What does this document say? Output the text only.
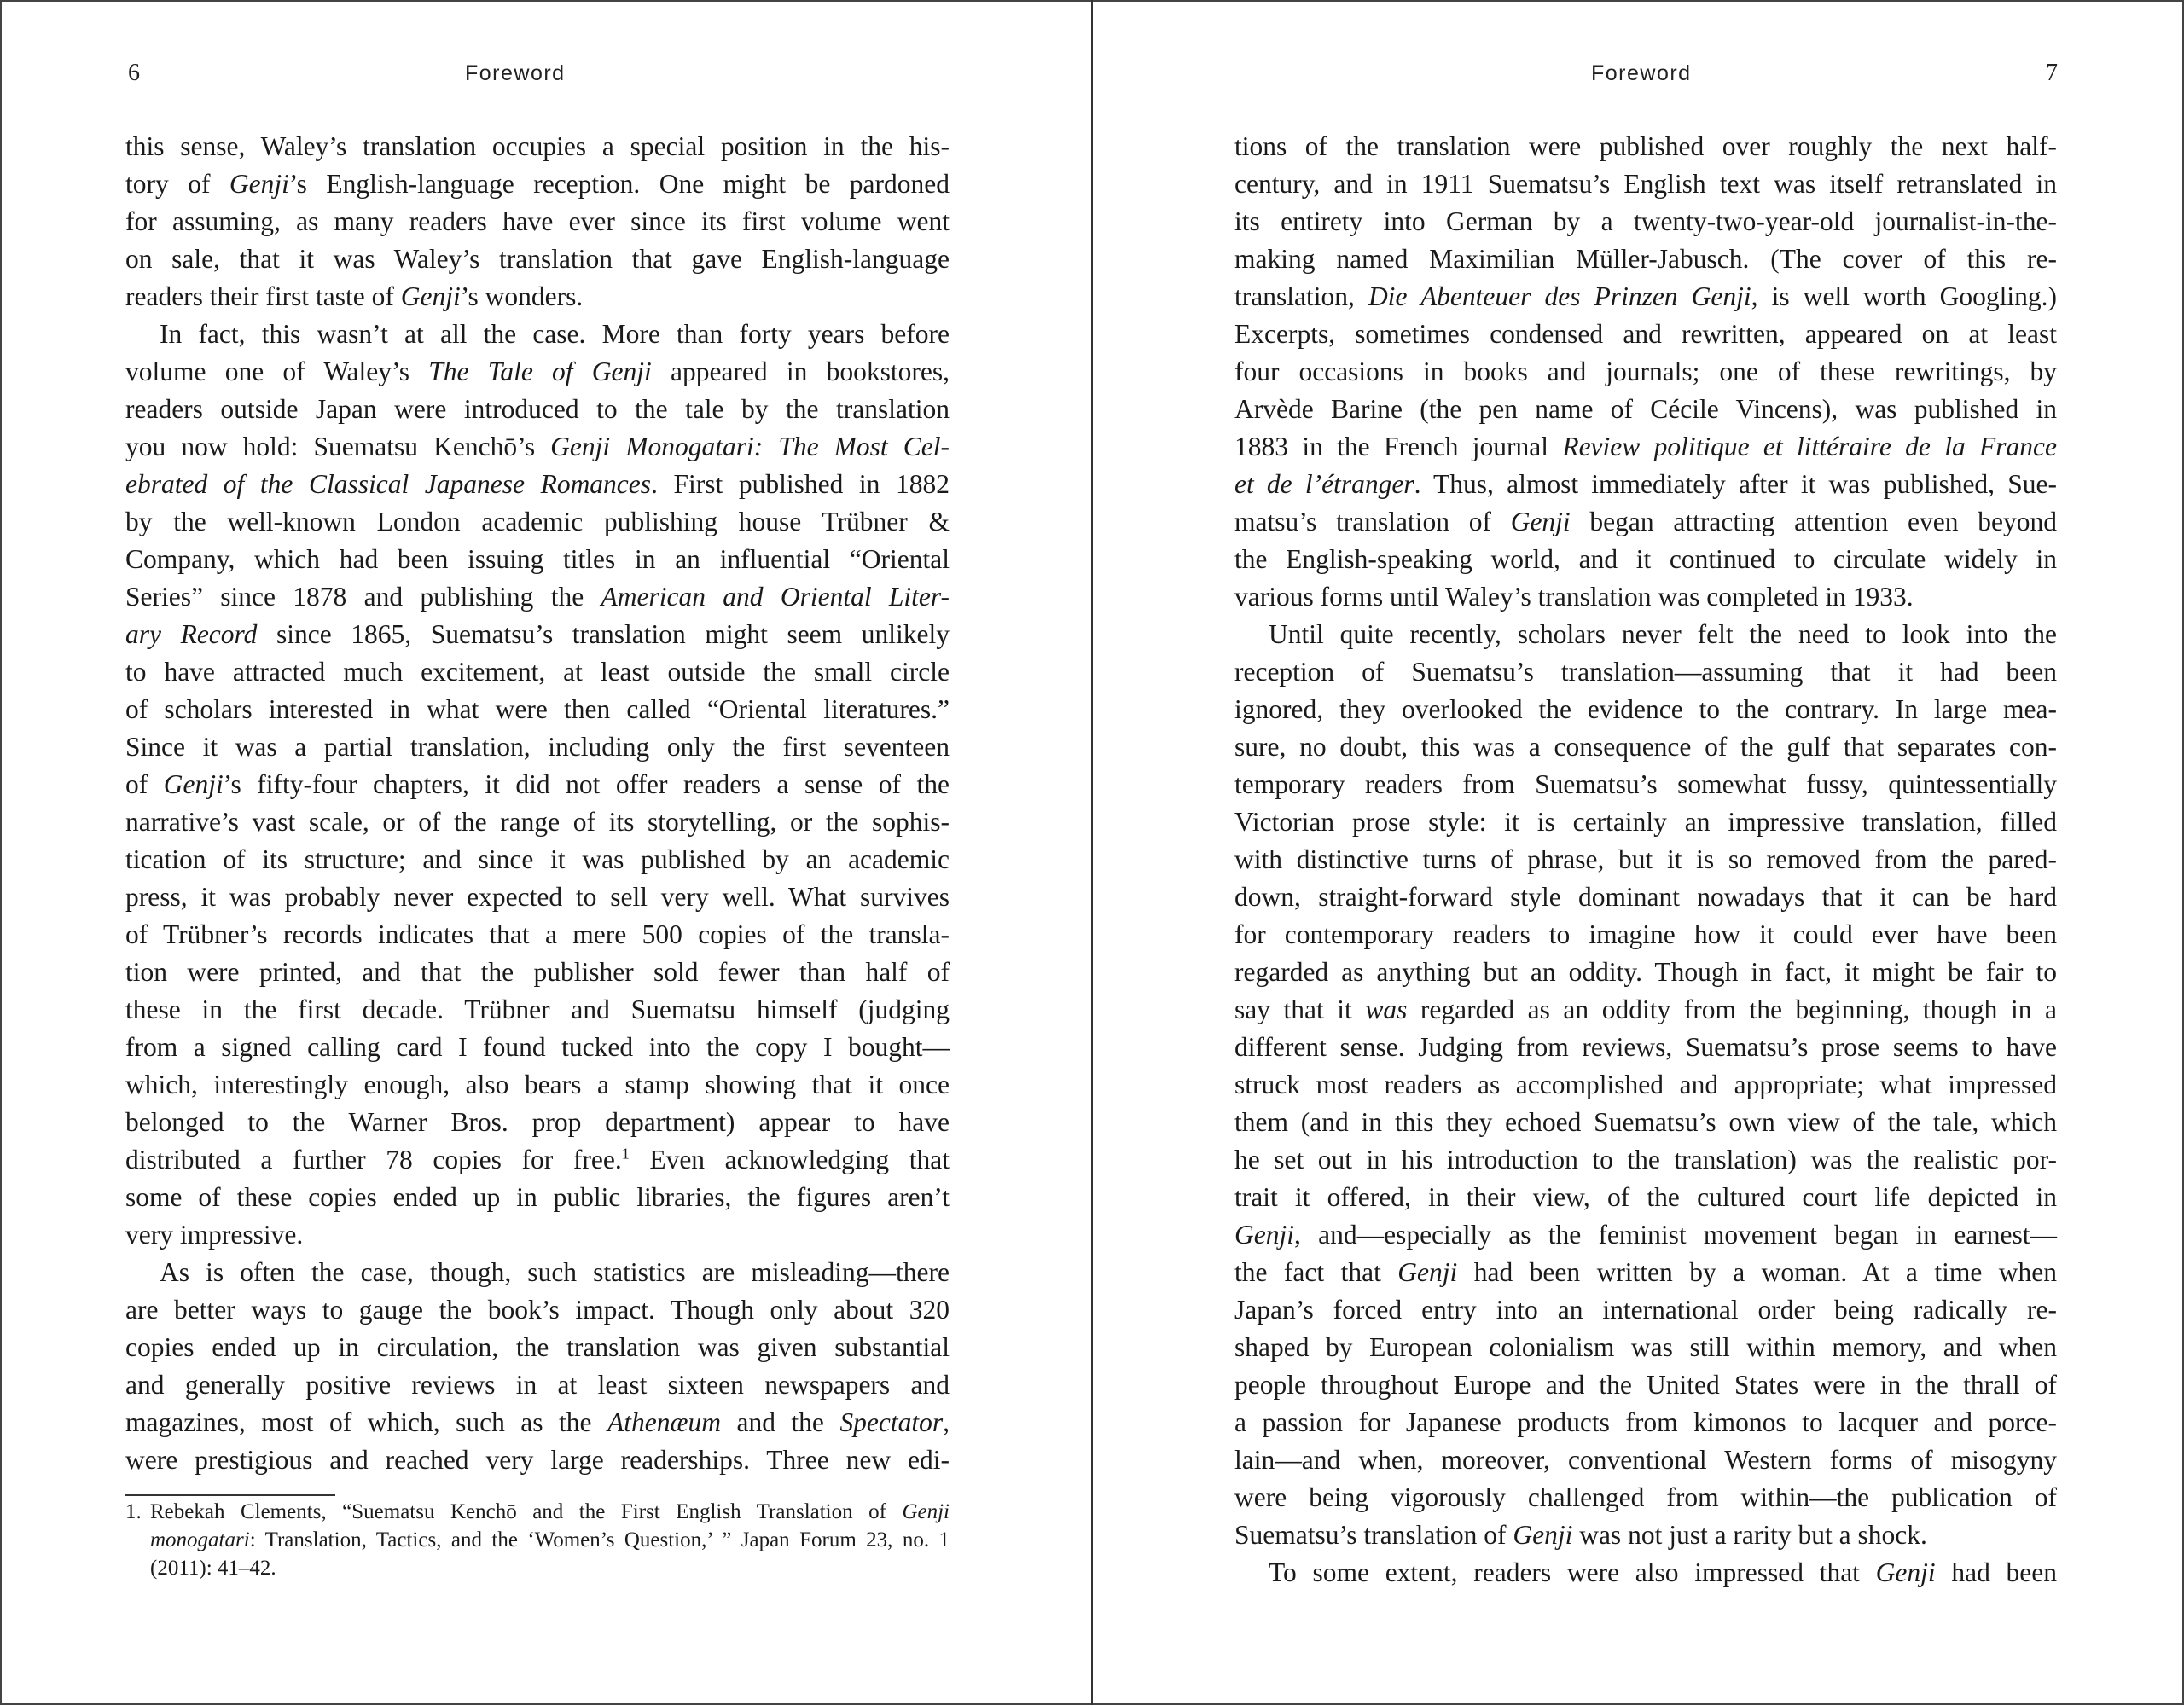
6	Foreword
this sense, Waley’s translation occupies a special position in the his-
tory of Genji’s English-language reception. One might be pardoned
for assuming, as many readers have ever since its first volume went
on sale, that it was Waley’s translation that gave English-language
readers their first taste of Genji’s wonders.
In fact, this wasn’t at all the case. More than forty years before
volume one of Waley’s The Tale of Genji appeared in bookstores,
readers outside Japan were introduced to the tale by the translation
you now hold: Suematsu Kenchō’s Genji Monogatari: The Most Cel-
ebrated of the Classical Japanese Romances. First published in 1882
by the well-known London academic publishing house Trübner &
Company, which had been issuing titles in an influential “Oriental
Series” since 1878 and publishing the American and Oriental Liter-
ary Record since 1865, Suematsu’s translation might seem unlikely
to have attracted much excitement, at least outside the small circle
of scholars interested in what were then called “Oriental literatures.”
Since it was a partial translation, including only the first seventeen
of Genji’s fifty-four chapters, it did not offer readers a sense of the
narrative’s vast scale, or of the range of its storytelling, or the sophis-
tication of its structure; and since it was published by an academic
press, it was probably never expected to sell very well. What survives
of Trübner’s records indicates that a mere 500 copies of the transla-
tion were printed, and that the publisher sold fewer than half of
these in the first decade. Trübner and Suematsu himself (judging
from a signed calling card I found tucked into the copy I bought—
which, interestingly enough, also bears a stamp showing that it once
belonged to the Warner Bros. prop department) appear to have
distributed a further 78 copies for free.$^1$ Even acknowledging that
some of these copies ended up in public libraries, the figures aren’t
very impressive.
As is often the case, though, such statistics are misleading—there
are better ways to gauge the book’s impact. Though only about 320
copies ended up in circulation, the translation was given substantial
and generally positive reviews in at least sixteen newspapers and
magazines, most of which, such as the Athenæum and the Spectator,
were prestigious and reached very large readerships. Three new edi-
1. Rebekah Clements, “Suematsu Kenchō and the First English Translation of Genji monogatari: Translation, Tactics, and the ‘Women’s Question,’ ” Japan Forum 23, no. 1 (2011): 41–42.
Foreword	7
tions of the translation were published over roughly the next half-
century, and in 1911 Suematsu’s English text was itself retranslated in
its entirety into German by a twenty-two-year-old journalist-in-the-
making named Maximilian Müller-Jabusch. (The cover of this re-
translation, Die Abenteuer des Prinzen Genji, is well worth Googling.)
Excerpts, sometimes condensed and rewritten, appeared on at least
four occasions in books and journals; one of these rewritings, by
Arvède Barine (the pen name of Cécile Vincens), was published in
1883 in the French journal Review politique et littéraire de la France
et de l’étranger. Thus, almost immediately after it was published, Sue-
matsu’s translation of Genji began attracting attention even beyond
the English-speaking world, and it continued to circulate widely in
various forms until Waley’s translation was completed in 1933.
Until quite recently, scholars never felt the need to look into the
reception of Suematsu’s translation—assuming that it had been
ignored, they overlooked the evidence to the contrary. In large mea-
sure, no doubt, this was a consequence of the gulf that separates con-
temporary readers from Suematsu’s somewhat fussy, quintessentially
Victorian prose style: it is certainly an impressive translation, filled
with distinctive turns of phrase, but it is so removed from the pared-
down, straight-forward style dominant nowadays that it can be hard
for contemporary readers to imagine how it could ever have been
regarded as anything but an oddity. Though in fact, it might be fair to
say that it was regarded as an oddity from the beginning, though in a
different sense. Judging from reviews, Suematsu’s prose seems to have
struck most readers as accomplished and appropriate; what impressed
them (and in this they echoed Suematsu’s own view of the tale, which
he set out in his introduction to the translation) was the realistic por-
trait it offered, in their view, of the cultured court life depicted in
Genji, and—especially as the feminist movement began in earnest—
the fact that Genji had been written by a woman. At a time when
Japan’s forced entry into an international order being radically re-
shaped by European colonialism was still within memory, and when
people throughout Europe and the United States were in the thrall of
a passion for Japanese products from kimonos to lacquer and porce-
lain—and when, moreover, conventional Western forms of misogyny
were being vigorously challenged from within—the publication of
Suematsu’s translation of Genji was not just a rarity but a shock.
To some extent, readers were also impressed that Genji had been
